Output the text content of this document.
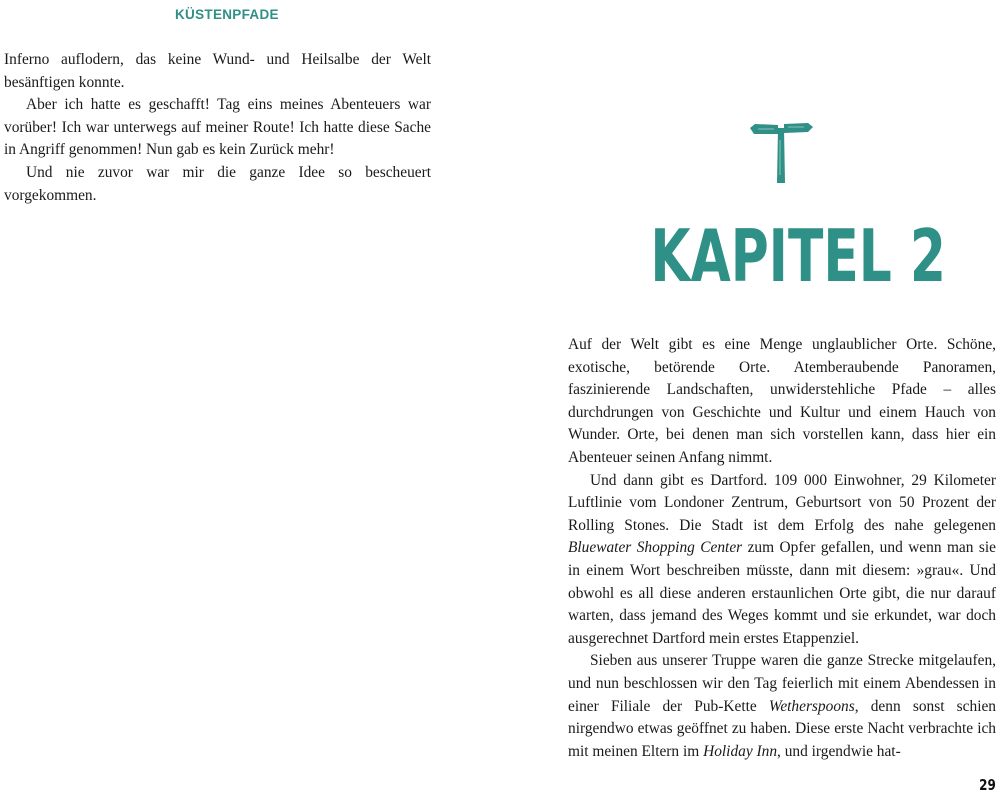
KÜSTENPFADE

Inferno auflodern, das keine Wund- und Heilsalbe der Welt besänftigen konnte.

Aber ich hatte es geschafft! Tag eins meines Abenteuers war vorüber! Ich war unterwegs auf meiner Route! Ich hatte diese Sache in Angriff genommen! Nun gab es kein Zurück mehr!

Und nie zuvor war mir die ganze Idee so bescheuert vorgekommen.

KAPITEL 2

Auf der Welt gibt es eine Menge unglaublicher Orte. Schöne, exotische, betörende Orte. Atemberaubende Panoramen, faszinierende Landschaften, unwiderstehliche Pfade – alles durchdrungen von Geschichte und Kultur und einem Hauch von Wunder. Orte, bei denen man sich vorstellen kann, dass hier ein Abenteuer seinen Anfang nimmt.

Und dann gibt es Dartford. 109 000 Einwohner, 29 Kilometer Luftlinie vom Londoner Zentrum, Geburtsort von 50 Prozent der Rolling Stones. Die Stadt ist dem Erfolg des nahe gelegenen Bluewater Shopping Center zum Opfer gefallen, und wenn man sie in einem Wort beschreiben müsste, dann mit diesem: »grau«. Und obwohl es all diese anderen erstaunlichen Orte gibt, die nur darauf warten, dass jemand des Weges kommt und sie erkundet, war doch ausgerechnet Dartford mein erstes Etappenziel.

Sieben aus unserer Truppe waren die ganze Strecke mitgelaufen, und nun beschlossen wir den Tag feierlich mit einem Abendessen in einer Filiale der Pub-Kette Wetherspoons, denn sonst schien nirgendwo etwas geöffnet zu haben. Diese erste Nacht verbrachte ich mit meinen Eltern im Holiday Inn, und irgendwie hat-

29
